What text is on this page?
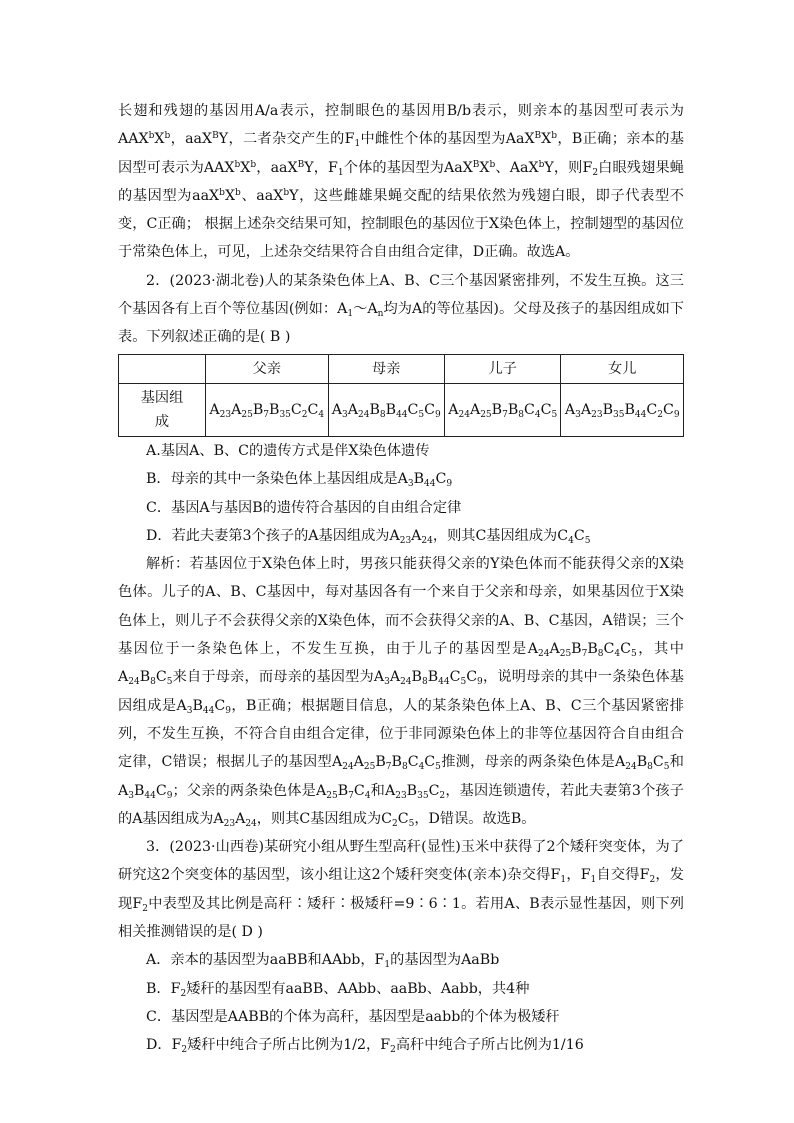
长翅和残翅的基因用A/a表示，控制眼色的基因用B/b表示，则亲本的基因型可表示为$AAX^bX^b$，aaX$^B$Y，二者杂交产生的$F_1$中雌性个体的基因型为$AaX^BX^b$，B正确；亲本的基因型可表示为$AAX^bX^b$，aaX$^B$Y，$F_1$个体的基因型为$AaX^BX^b$、AaX$^b$Y，则$F_2$白眼残翅果蝇的基因型为$aaX^bX^b$、aaX$^b$Y，这些雌雄果蝇交配的结果依然为残翅白眼，即子代表型不变，C正确； 根据上述杂交结果可知，控制眼色的基因位于X染色体上，控制翅型的基因位于常染色体上，可见，上述杂交结果符合自由组合定律，D正确。故选A。

2．(2023·湖北卷)人的某条染色体上A、B、C三个基因紧密排列，不发生互换。这三个基因各有上百个等位基因(例如：$A_1\sim A_n$均为A的等位基因)。父母及孩子的基因组成如下表。下列叙述正确的是( B )

	父亲	母亲	儿子	女儿

基因组成	$A_{23}A_{25}B_7B_{35}C_2C_4$	$A_3A_{24}B_8B_{44}C_5C_9$	$A_{24}A_{25}B_7B_8C_4C_5$	$A_3A_{23}B_{35}B_{44}C_2C_9$

A.基因A、B、C的遗传方式是伴X染色体遗传

B．母亲的其中一条染色体上基因组成是$A_3B_{44}C_9$

C．基因A与基因B的遗传符合基因的自由组合定律

D．若此夫妻第3个孩子的A基因组成为$A_{23}A_{24}$，则其C基因组成为$C_4C_5$

解析：若基因位于X染色体上时，男孩只能获得父亲的Y染色体而不能获得父亲的X染色体。儿子的A、B、C基因中，每对基因各有一个来自于父亲和母亲，如果基因位于X染色体上，则儿子不会获得父亲的X染色体，而不会获得父亲的A、B、C基因，A错误；三个基因位于一条染色体上，不发生互换，由于儿子的基因型是$A_{24}A_{25}B_7B_8C_4C_5$，其中$A_{24}B_8C_5$来自于母亲，而母亲的基因型为$A_3A_{24}B_8B_{44}C_5C_9$，说明母亲的其中一条染色体基因组成是$A_3B_{44}C_9$，B正确；根据题目信息，人的某条染色体上A、B、C三个基因紧密排列，不发生互换，不符合自由组合定律，位于非同源染色体上的非等位基因符合自由组合定律，C错误；根据儿子的基因型$A_{24}A_{25}B_7B_8C_4C_5$推测，母亲的两条染色体是$A_{24}B_8C_5$和$A_3B_{44}C_9$；父亲的两条染色体是$A_{25}B_7C_4$和$A_{23}B_{35}C_2$，基因连锁遗传，若此夫妻第3个孩子的A基因组成为$A_{23}A_{24}$，则其C基因组成为$C_2C_5$，D错误。故选B。

3．(2023·山西卷)某研究小组从野生型高秆(显性)玉米中获得了2个矮秆突变体，为了研究这2个突变体的基因型，该小组让这2个矮秆突变体(亲本)杂交得$F_1$，$F_1$自交得$F_2$，发现$F_2$中表型及其比例是高秆∶矮秆∶极矮秆=9∶6∶1。若用A、B表示显性基因，则下列相关推测错误的是( D )

A．亲本的基因型为aaBB和AAbb，$F_1$的基因型为AaBb

B．$F_2$矮秆的基因型有aaBB、AAbb、aaBb、Aabb，共4种

C．基因型是AABB的个体为高秆，基因型是aabb的个体为极矮秆

D．$F_2$矮秆中纯合子所占比例为1/2，$F_2$高秆中纯合子所占比例为1/16
